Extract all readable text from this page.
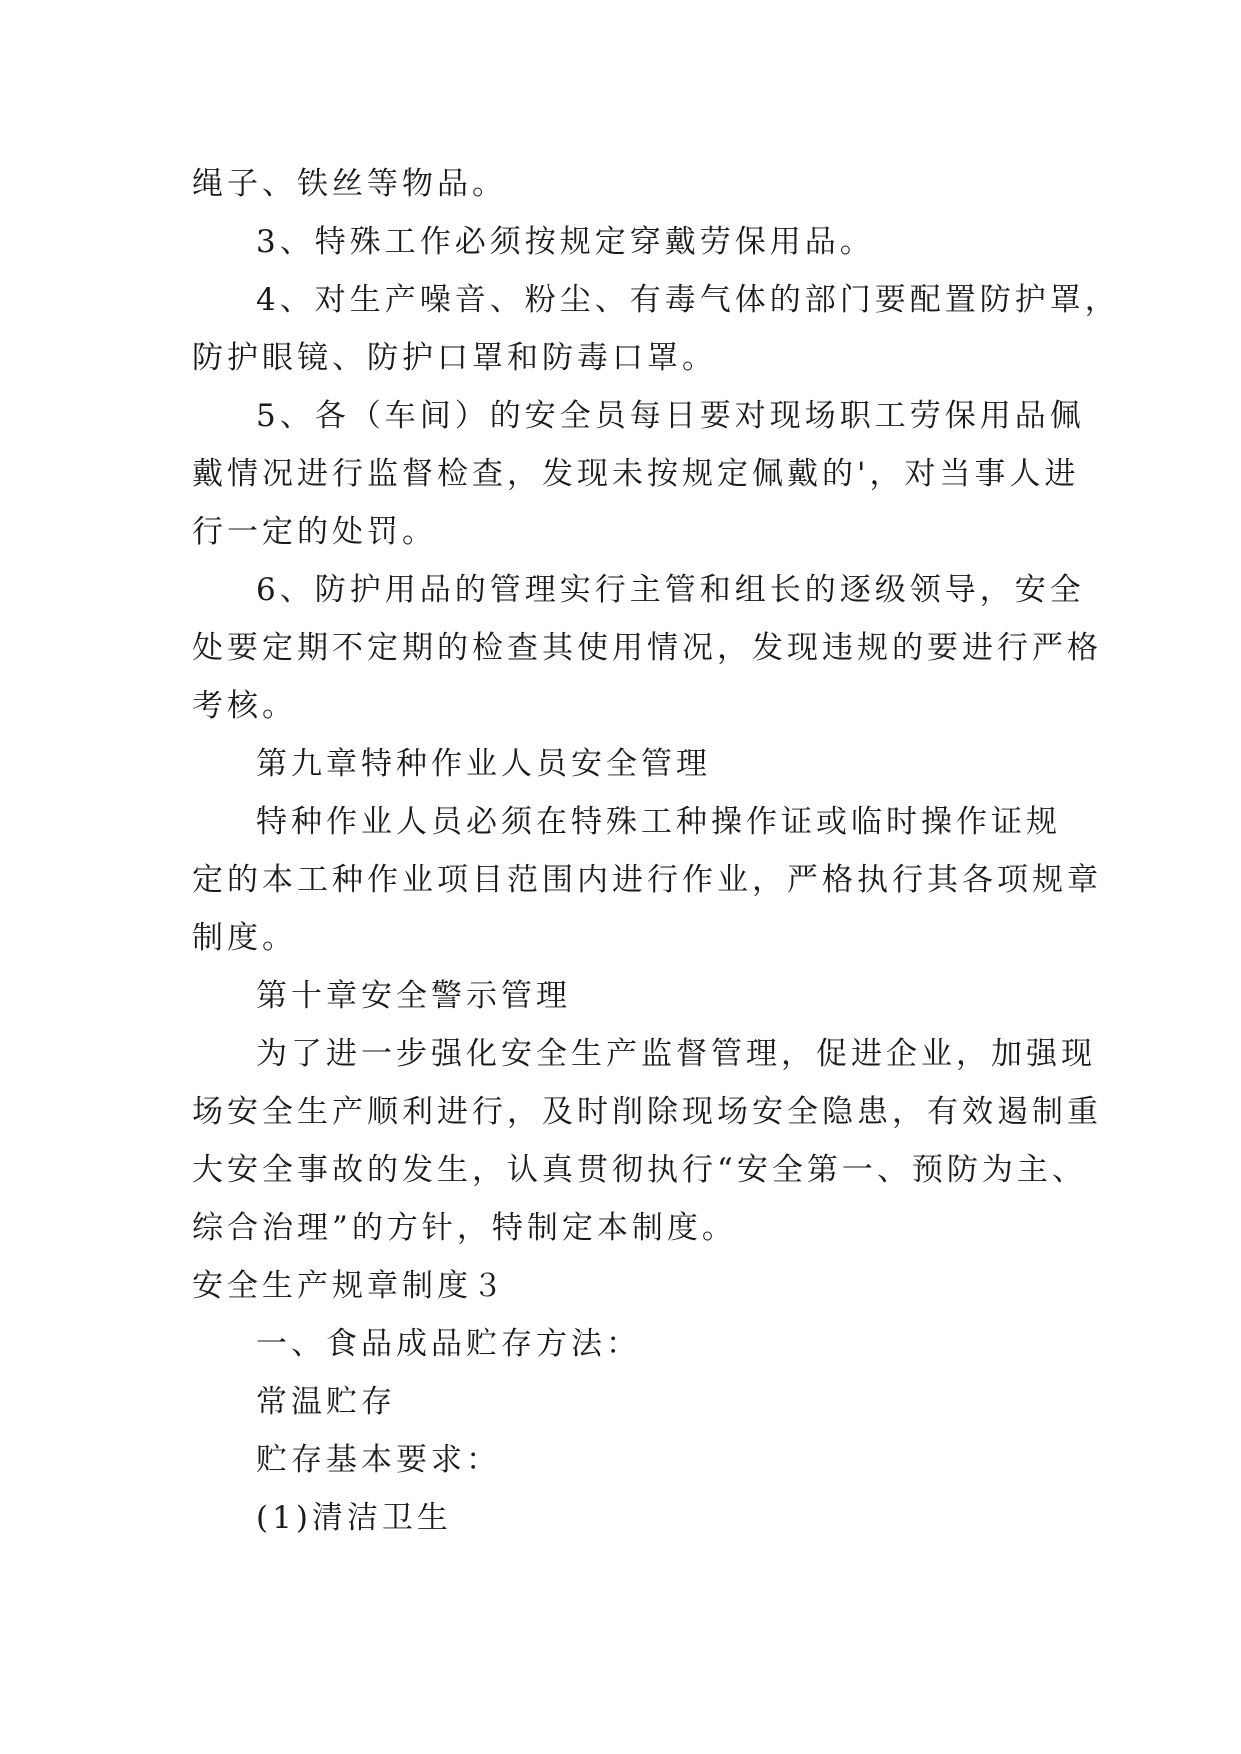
绳子、铁丝等物品。
3、特殊工作必须按规定穿戴劳保用品。
4、对生产噪音、粉尘、有毒气体的部门要配置防护罩，
防护眼镜、防护口罩和防毒口罩。
5、各（车间）的安全员每日要对现场职工劳保用品佩
戴情况进行监督检查，发现未按规定佩戴的'，对当事人进
行一定的处罚。
6、防护用品的管理实行主管和组长的逐级领导，安全
处要定期不定期的检查其使用情况，发现违规的要进行严格
考核。
第九章特种作业人员安全管理
特种作业人员必须在特殊工种操作证或临时操作证规
定的本工种作业项目范围内进行作业，严格执行其各项规章
制度。
第十章安全警示管理
为了进一步强化安全生产监督管理，促进企业，加强现
场安全生产顺利进行，及时削除现场安全隐患，有效遏制重
大安全事故的发生，认真贯彻执行“安全第一、预防为主、
综合治理”的方针，特制定本制度。
安全生产规章制度３
一、食品成品贮存方法：
常温贮存
贮存基本要求：
(1)清洁卫生
